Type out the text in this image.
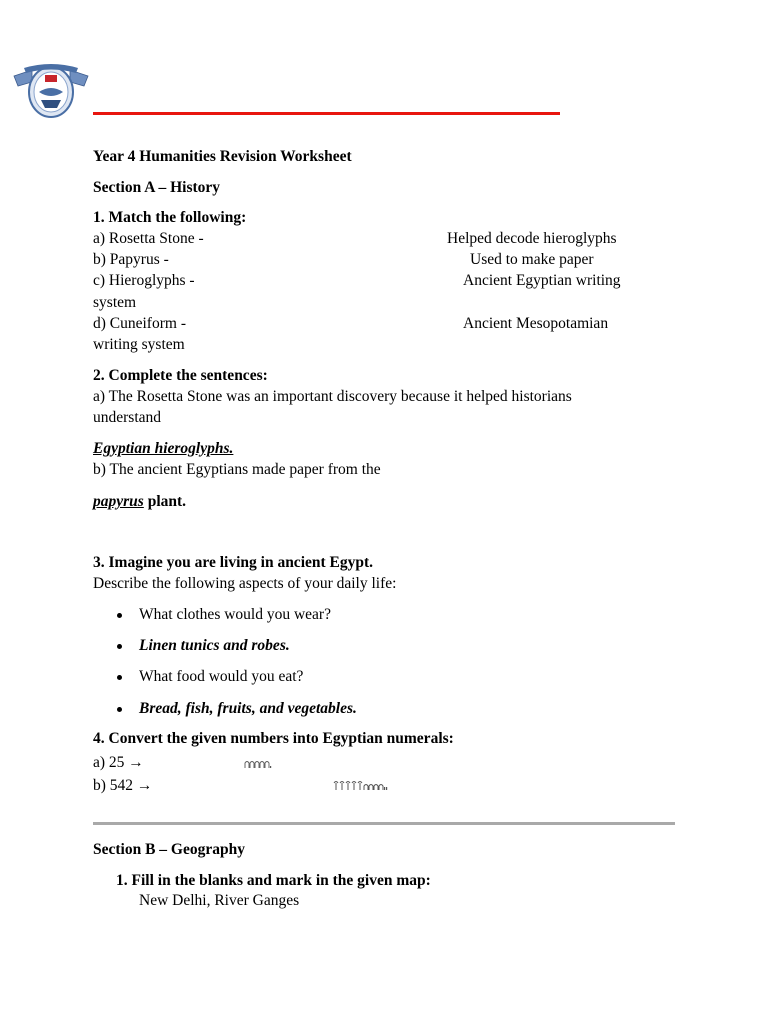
Year 4 Humanities Revision Worksheet
Section A – History
1. Match the following:
a) Rosetta Stone -	Helped decode hieroglyphs
b) Papyrus -	Used to make paper
c) Hieroglyphs -	Ancient Egyptian writing
system
d) Cuneiform -	Ancient Mesopotamian
writing system
2. Complete the sentences:
a) The Rosetta Stone was an important discovery because it helped historians
understand
Egyptian hieroglyphs.
b) The ancient Egyptians made paper from the
papyrus plant.
3. Imagine you are living in ancient Egypt.
Describe the following aspects of your daily life:
What clothes would you wear?
Linen tunics and robes.
What food would you eat?
Bread, fish, fruits, and vegetables.
4. Convert the given numbers into Egyptian numerals:
a) 25 →
b) 542 →
Section B – Geography
1. Fill in the blanks and mark in the given map:
New Delhi, River Ganges
